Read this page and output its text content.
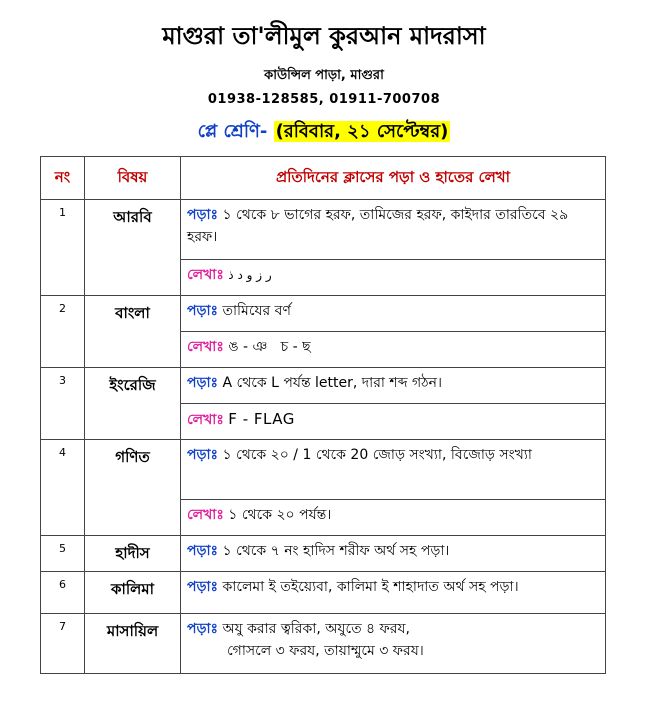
মাগুরা তা'লীমুল কুরআন মাদরাসা
কাউন্সিল পাড়া, মাগুরা
01938-128585, 01911-700708
প্লে শ্রেণি- (রবিবার, ২১ সেপ্টেম্বর)
নং	বিষয়	প্রতিদিনের ক্লাসের পড়া ও হাতের লেখা
1	আরবি	পড়াঃ ১ থেকে ৮ ভাগের হরফ, তামিজের হরফ, কাইদার তারতিবে ২৯ হরফ।
		লেখাঃ ر ز و د ذ
2	বাংলা	পড়াঃ তামিযের বর্ণ
		লেখাঃ ঙ - ঞ   চ - ছ
3	ইংরেজি	পড়াঃ A থেকে L পর্যন্ত letter, দারা শব্দ গঠন।
		লেখাঃ F - FLAG
4	গণিত	পড়াঃ ১ থেকে ২০ / 1 থেকে 20 জোড় সংখ্যা, বিজোড় সংখ্যা
		লেখাঃ ১ থেকে ২০ পর্যন্ত।
5	হাদীস	পড়াঃ ১ থেকে ৭ নং হাদিস শরীফ অর্থ সহ পড়া।
6	কালিমা	পড়াঃ কালেমা ই তইয়্যেবা, কালিমা ই শাহাদাত অর্থ সহ পড়া।
7	মাসায়িল	পড়াঃ অযু করার ত্বরিকা, অযুতে ৪ ফরয,
গোসলে ৩ ফরয, তায়াম্মুমে ৩ ফরয।
